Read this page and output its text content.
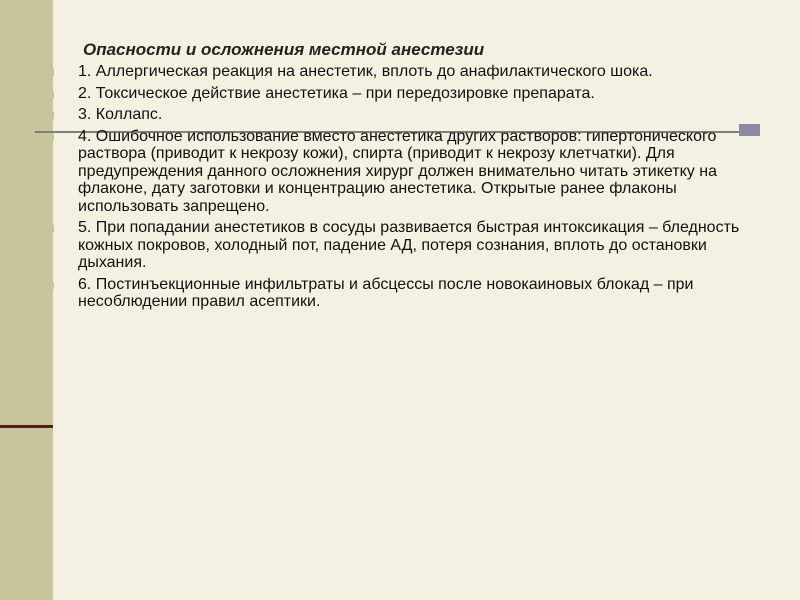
Опасности и осложнения местной анестезии
1. Аллергическая реакция на анестетик, вплоть до анафилактического шока.
2. Токсическое действие анестетика – при передозировке препарата.
3. Коллапс.
4. Ошибочное использование вместо анестетика других растворов: гипертонического раствора (приводит к некрозу кожи), спирта (приводит к некрозу клетчатки). Для предупреждения данного осложнения хирург должен внимательно читать этикетку на флаконе, дату заготовки и концентрацию анестетика. Открытые ранее флаконы использовать запрещено.
5. При попадании анестетиков в сосуды развивается быстрая интоксикация – бледность кожных покровов, холодный пот, падение АД, потеря сознания, вплоть до остановки дыхания.
6. Постинъекционные инфильтраты и абсцессы после новокаиновых блокад – при несоблюдении правил асептики.
